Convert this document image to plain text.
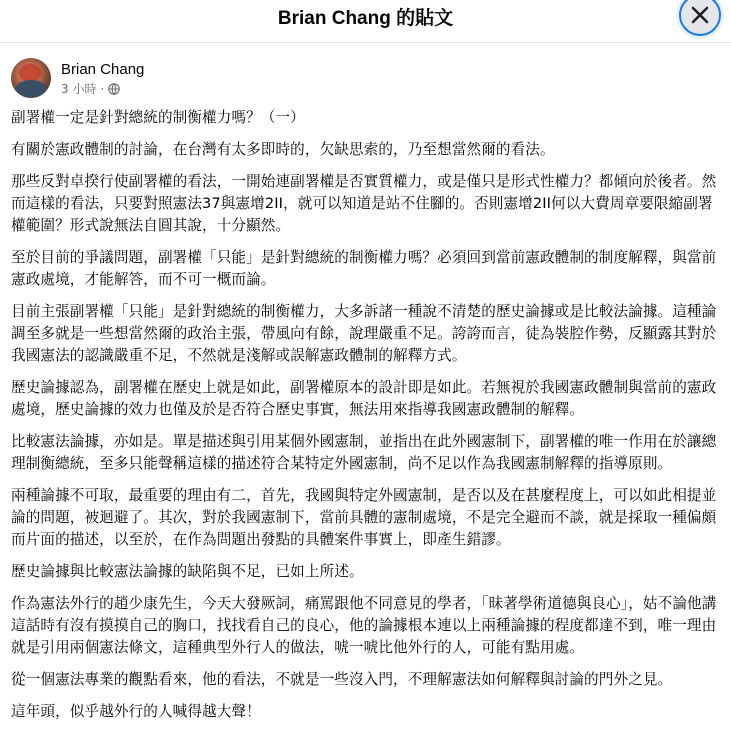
Brian Chang 的貼文
Brian Chang
3 小時 ·

副署權一定是針對總統的制衡權力嗎？（一）

有關於憲政體制的討論，在台灣有太多即時的，欠缺思索的，乃至想當然爾的看法。

那些反對卓揆行使副署權的看法，一開始連副署權是否實質權力，或是僅只是形式性權力？都傾向於後者。然而這樣的看法，只要對照憲法37與憲增2II，就可以知道是站不住腳的。否則憲增2II何以大費周章要限縮副署權範圍？形式說無法自圓其說，十分顯然。

至於目前的爭議問題，副署權「只能」是針對總統的制衡權力嗎？必須回到當前憲政體制的制度解釋，與當前憲政處境，才能解答，而不可一概而論。

目前主張副署權「只能」是針對總統的制衡權力，大多訴諸一種說不清楚的歷史論據或是比較法論據。這種論調至多就是一些想當然爾的政治主張，帶風向有餘，說理嚴重不足。誇誇而言，徒為裝腔作勢，反顯露其對於我國憲法的認識嚴重不足，不然就是淺解或誤解憲政體制的解釋方式。

歷史論據認為，副署權在歷史上就是如此，副署權原本的設計即是如此。若無視於我國憲政體制與當前的憲政處境，歷史論據的效力也僅及於是否符合歷史事實，無法用來指導我國憲政體制的解釋。

比較憲法論據，亦如是。單是描述與引用某個外國憲制，並指出在此外國憲制下，副署權的唯一作用在於讓總理制衡總統，至多只能聲稱這樣的描述符合某特定外國憲制，尚不足以作為我國憲制解釋的指導原則。

兩種論據不可取，最重要的理由有二，首先，我國與特定外國憲制，是否以及在甚麼程度上，可以如此相提並論的問題，被迴避了。其次，對於我國憲制下，當前具體的憲制處境，不是完全避而不談，就是採取一種偏頗而片面的描述，以至於，在作為問題出發點的具體案件事實上，即產生錯謬。

歷史論據與比較憲法論據的缺陷與不足，已如上所述。

作為憲法外行的趙少康先生，今天大發厥詞，痛罵跟他不同意見的學者，「昧著學術道德與良心」，姑不論他講這話時有沒有摸摸自己的胸口，找找看自己的良心，他的論據根本連以上兩種論據的程度都達不到，唯一理由就是引用兩個憲法條文，這種典型外行人的做法，唬一唬比他外行的人，可能有點用處。

從一個憲法專業的觀點看來，他的看法，不就是一些沒入門，不理解憲法如何解釋與討論的門外之見。

這年頭，似乎越外行的人喊得越大聲！
